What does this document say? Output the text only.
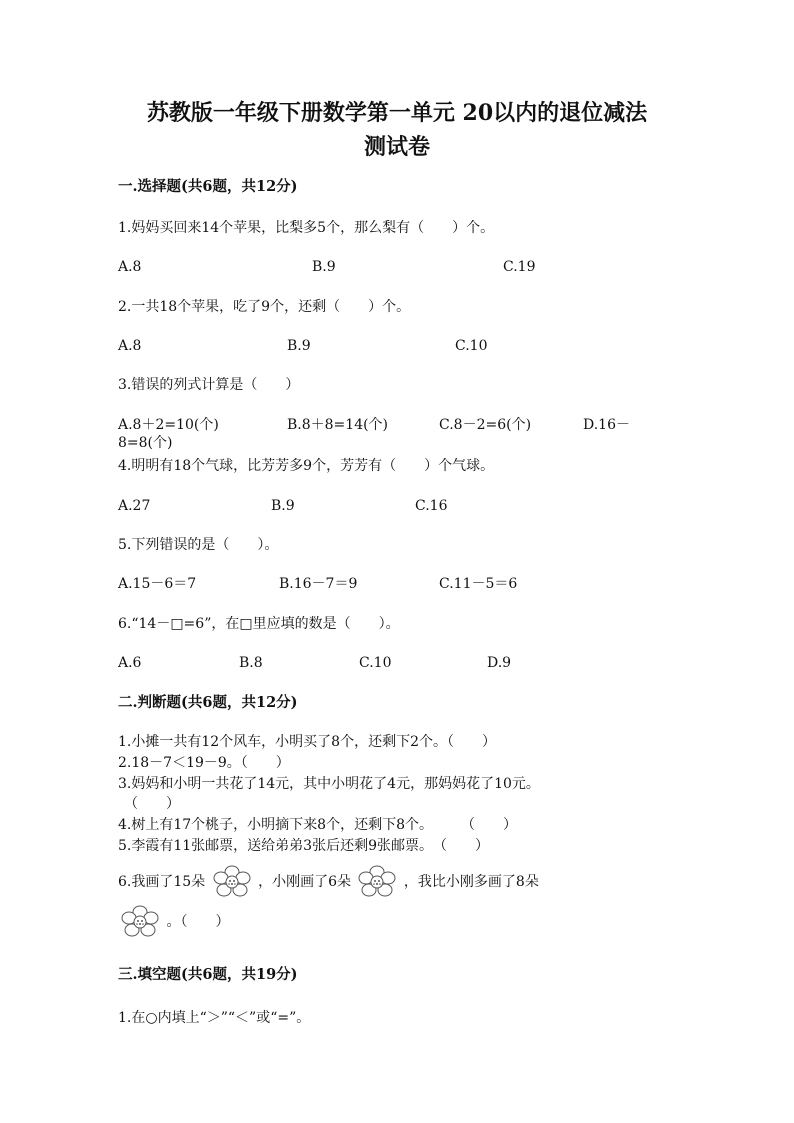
苏教版一年级下册数学第一单元 20以内的退位减法
测试卷
一.选择题(共6题，共12分)
1.妈妈买回来14个苹果，比梨多5个，那么梨有（　　）个。
A.8	B.9	C.19
2.一共18个苹果，吃了9个，还剩（　　）个。
A.8	B.9	C.10
3.错误的列式计算是（　　）
A.8＋2=10(个)	B.8＋8=14(个)	C.8－2=6(个)	D.16－
8=8(个)
4.明明有18个气球，比芳芳多9个，芳芳有（　　）个气球。
A.27	B.9	C.16
5.下列错误的是（　　）。
A.15－6＝7	B.16－7＝9	C.11－5＝6
6.“14－□=6”，在□里应填的数是（　　）。
A.6	B.8	C.10	D.9
二.判断题(共6题，共12分)
1.小摊一共有12个风车，小明买了8个，还剩下2个。（　　）
2.18－7＜19－9。（　　）
3.妈妈和小明一共花了14元，其中小明花了4元，那妈妈花了10元。
（　　）
4.树上有17个桃子，小明摘下来8个，还剩下8个。　　　（　　）
5.李霞有11张邮票，送给弟弟3张后还剩9张邮票。　（　　）
6.我画了15朵	，小刚画了6朵	，我比小刚多画了8朵
。（　　）
三.填空题(共6题，共19分)
1.在○内填上“＞”“＜”或“=”。
